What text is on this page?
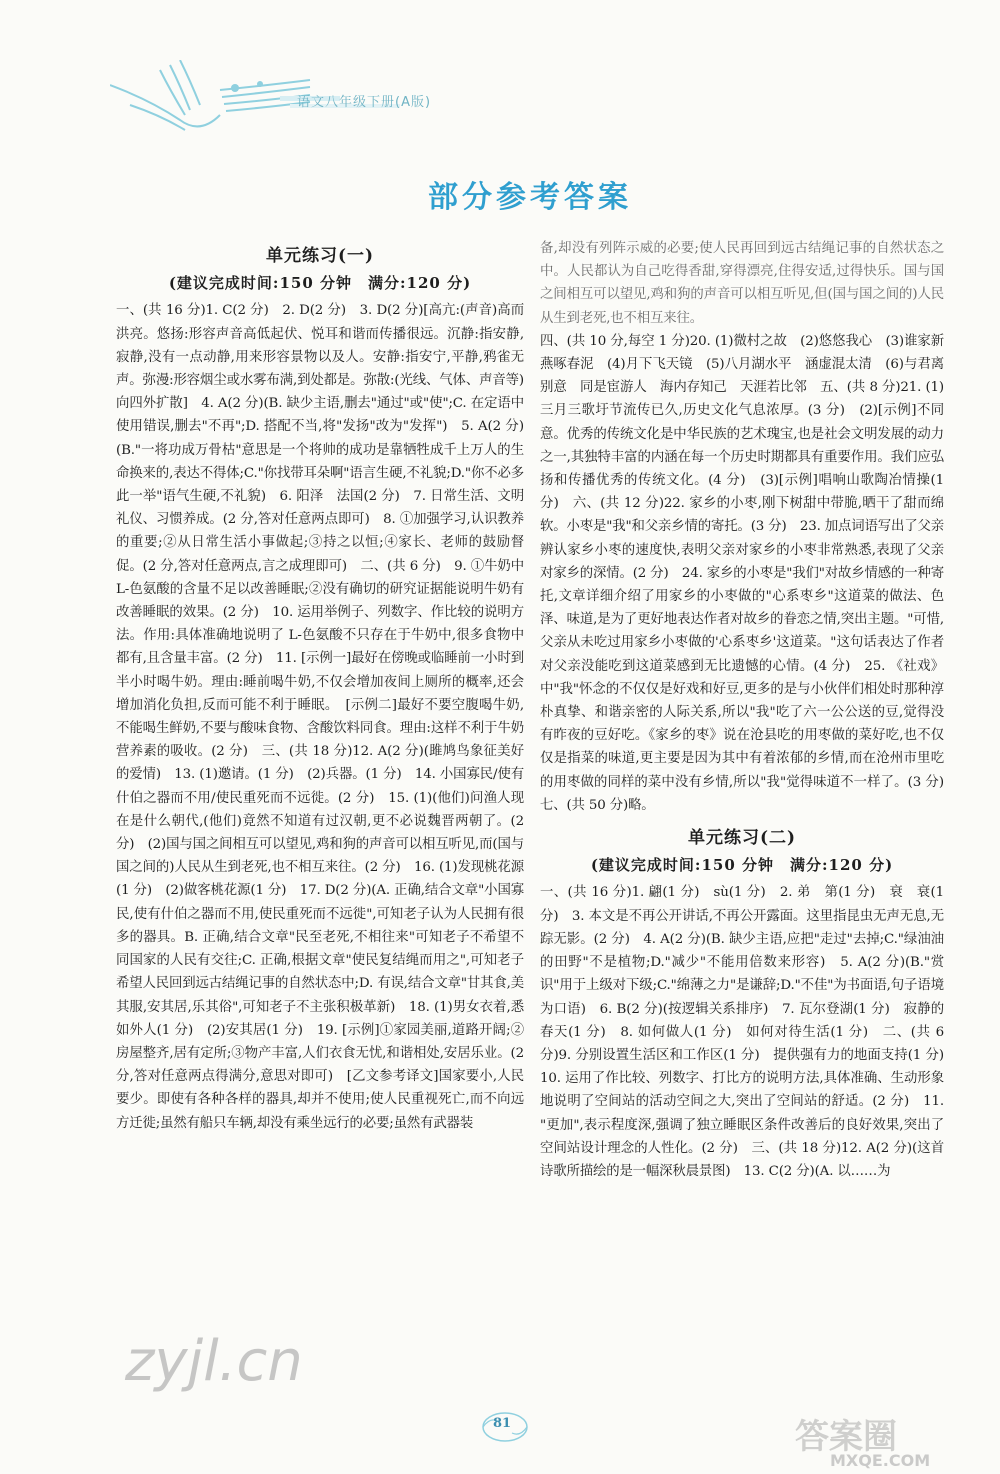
语文八年级下册(A版)
部分参考答案
单元练习(一)
(建议完成时间:150 分钟　满分:120 分)

一、(共 16 分)1. C(2 分)　2. D(2 分)　3. D(2 分)[高亢:(声音)高而洪亮。悠扬:形容声音高低起伏、悦耳和谐而传播很远。沉静:指安静,寂静,没有一点动静,用来形容景物以及人。安静:指安宁,平静,鸦雀无声。弥漫:形容烟尘或水雾布满,到处都是。弥散:(光线、气体、声音等)向四外扩散]　4. A(2 分)(B. 缺少主语,删去"通过"或"使";C. 在定语中使用错误,删去"不再";D. 搭配不当,将"发扬"改为"发挥")　5. A(2 分)(B."一将功成万骨枯"意思是一个将帅的成功是靠牺牲成千上万人的生命换来的,表达不得体;C."你找带耳朵啊"语言生硬,不礼貌;D."你不必多此一举"语气生硬,不礼貌)　6. 阳泽　法国(2 分)　7. 日常生活、文明礼仪、习惯养成。(2 分,答对任意两点即可)　8. ①加强学习,认识教养的重要;②从日常生活小事做起;③持之以恒;④家长、老师的鼓励督促。(2 分,答对任意两点,言之成理即可)　二、(共 6 分)　9. ①牛奶中 L-色氨酸的含量不足以改善睡眠;②没有确切的研究证据能说明牛奶有改善睡眠的效果。(2 分)　10. 运用举例子、列数字、作比较的说明方法。作用:具体准确地说明了 L-色氨酸不只存在于牛奶中,很多食物中都有,且含量丰富。(2 分)　11. [示例一]最好在傍晚或临睡前一小时到半小时喝牛奶。理由:睡前喝牛奶,不仅会增加夜间上厕所的概率,还会增加消化负担,反而可能不利于睡眠。　[示例二]最好不要空腹喝牛奶,不能喝生鲜奶,不要与酸味食物、含酸饮料同食。理由:这样不利于牛奶营养素的吸收。(2 分)　三、(共 18 分)12. A(2 分)(雎鸠鸟象征美好的爱情)　13. (1)邀请。(1 分)　(2)兵器。(1 分)　14. 小国寡民/使有什伯之器而不用/使民重死而不远徙。(2 分)　15. (1)(他们)问渔人现在是什么朝代,(他们)竟然不知道有过汉朝,更不必说魏晋两朝了。(2 分)　(2)国与国之间相互可以望见,鸡和狗的声音可以相互听见,而(国与国之间的)人民从生到老死,也不相互来往。(2 分)　16. (1)发现桃花源(1 分)　(2)做客桃花源(1 分)　17. D(2 分)(A. 正确,结合文章"小国寡民,使有什伯之器而不用,使民重死而不远徙",可知老子认为人民拥有很多的器具。B. 正确,结合文章"民至老死,不相往来"可知老子不希望不同国家的人民有交往;C. 正确,根据文章"使民复结绳而用之",可知老子希望人民回到远古结绳记事的自然状态中;D. 有误,结合文章"甘其食,美其服,安其居,乐其俗",可知老子不主张积极革新)　18. (1)男女衣着,悉如外人(1 分)　(2)安其居(1 分)　19. [示例]①家园美丽,道路开阔;②房屋整齐,居有定所;③物产丰富,人们衣食无忧,和谐相处,安居乐业。(2 分,答对任意两点得满分,意思对即可)　[乙文参考译文]国家要小,人民要少。即使有各种各样的器具,却并不使用;使人民重视死亡,而不向远方迁徙;虽然有船只车辆,却没有乘坐远行的必要;虽然有武器装

备,却没有列阵示威的必要;使人民再回到远古结绳记事的自然状态之中。人民都认为自己吃得香甜,穿得漂亮,住得安适,过得快乐。国与国之间相互可以望见,鸡和狗的声音可以相互听见,但(国与国之间的)人民从生到老死,也不相互来往。

四、(共 10 分,每空 1 分)20. (1)微村之故　(2)悠悠我心　(3)谁家新燕啄春泥　(4)月下飞天镜　(5)八月湖水平　涵虚混太清　(6)与君离别意　同是宦游人　海内存知己　天涯若比邻　五、(共 8 分)21. (1)三月三歌圩节流传已久,历史文化气息浓厚。(3 分)　(2)[示例]不同意。优秀的传统文化是中华民族的艺术瑰宝,也是社会文明发展的动力之一,其独特丰富的内涵在每一个历史时期都具有重要作用。我们应弘扬和传播优秀的传统文化。(4 分)　(3)[示例]唱响山歌陶冶情操(1 分)　六、(共 12 分)22. 家乡的小枣,刚下树甜中带脆,晒干了甜而绵软。小枣是"我"和父亲乡情的寄托。(3 分)　23. 加点词语写出了父亲辨认家乡小枣的速度快,表明父亲对家乡的小枣非常熟悉,表现了父亲对家乡的深情。(2 分)　24. 家乡的小枣是"我们"对故乡情感的一种寄托,文章详细介绍了用家乡的小枣做的"心系枣乡"这道菜的做法、色泽、味道,是为了更好地表达作者对故乡的眷恋之情,突出主题。"可惜,父亲从未吃过用家乡小枣做的'心系枣乡'这道菜。"这句话表达了作者对父亲没能吃到这道菜感到无比遗憾的心情。(4 分)　25. 《社戏》中"我"怀念的不仅仅是好戏和好豆,更多的是与小伙伴们相处时那种淳朴真挚、和谐亲密的人际关系,所以"我"吃了六一公公送的豆,觉得没有昨夜的豆好吃。《家乡的枣》说在沧县吃的用枣做的菜好吃,也不仅仅是指菜的味道,更主要是因为其中有着浓郁的乡情,而在沧州市里吃的用枣做的同样的菜中没有乡情,所以"我"觉得味道不一样了。(3 分)　七、(共 50 分)略。

单元练习(二)
(建议完成时间:150 分钟　满分:120 分)

一、(共 16 分)1. 翩(1 分)　sù(1 分)　2. 弟　第(1 分)　衰　衰(1 分)　3. 本文是不再公开讲话,不再公开露面。这里指昆虫无声无息,无踪无影。(2 分)　4. A(2 分)(B. 缺少主语,应把"走过"去掉;C."绿油油的田野"不是植物;D."减少"不能用倍数来形容)　5. A(2 分)(B."赏识"用于上级对下级;C."绵薄之力"是谦辞;D."不佳"为书面语,句子语境为口语)　6. B(2 分)(按逻辑关系排序)　7. 瓦尔登湖(1 分)　寂静的春天(1 分)　8. 如何做人(1 分)　如何对待生活(1 分)　二、(共 6 分)9. 分别设置生活区和工作区(1 分)　提供强有力的地面支持(1 分)　10. 运用了作比较、列数字、打比方的说明方法,具体准确、生动形象地说明了空间站的活动空间之大,突出了空间站的舒适。(2 分)　11. "更加",表示程度深,强调了独立睡眠区条件改善后的良好效果,突出了空间站设计理念的人性化。(2 分)　三、(共 18 分)12. A(2 分)(这首诗歌所描绘的是一幅深秋晨景图)　13. C(2 分)(A. 以……为

zyjl.cn
81	答案圈
MXQE.COM
